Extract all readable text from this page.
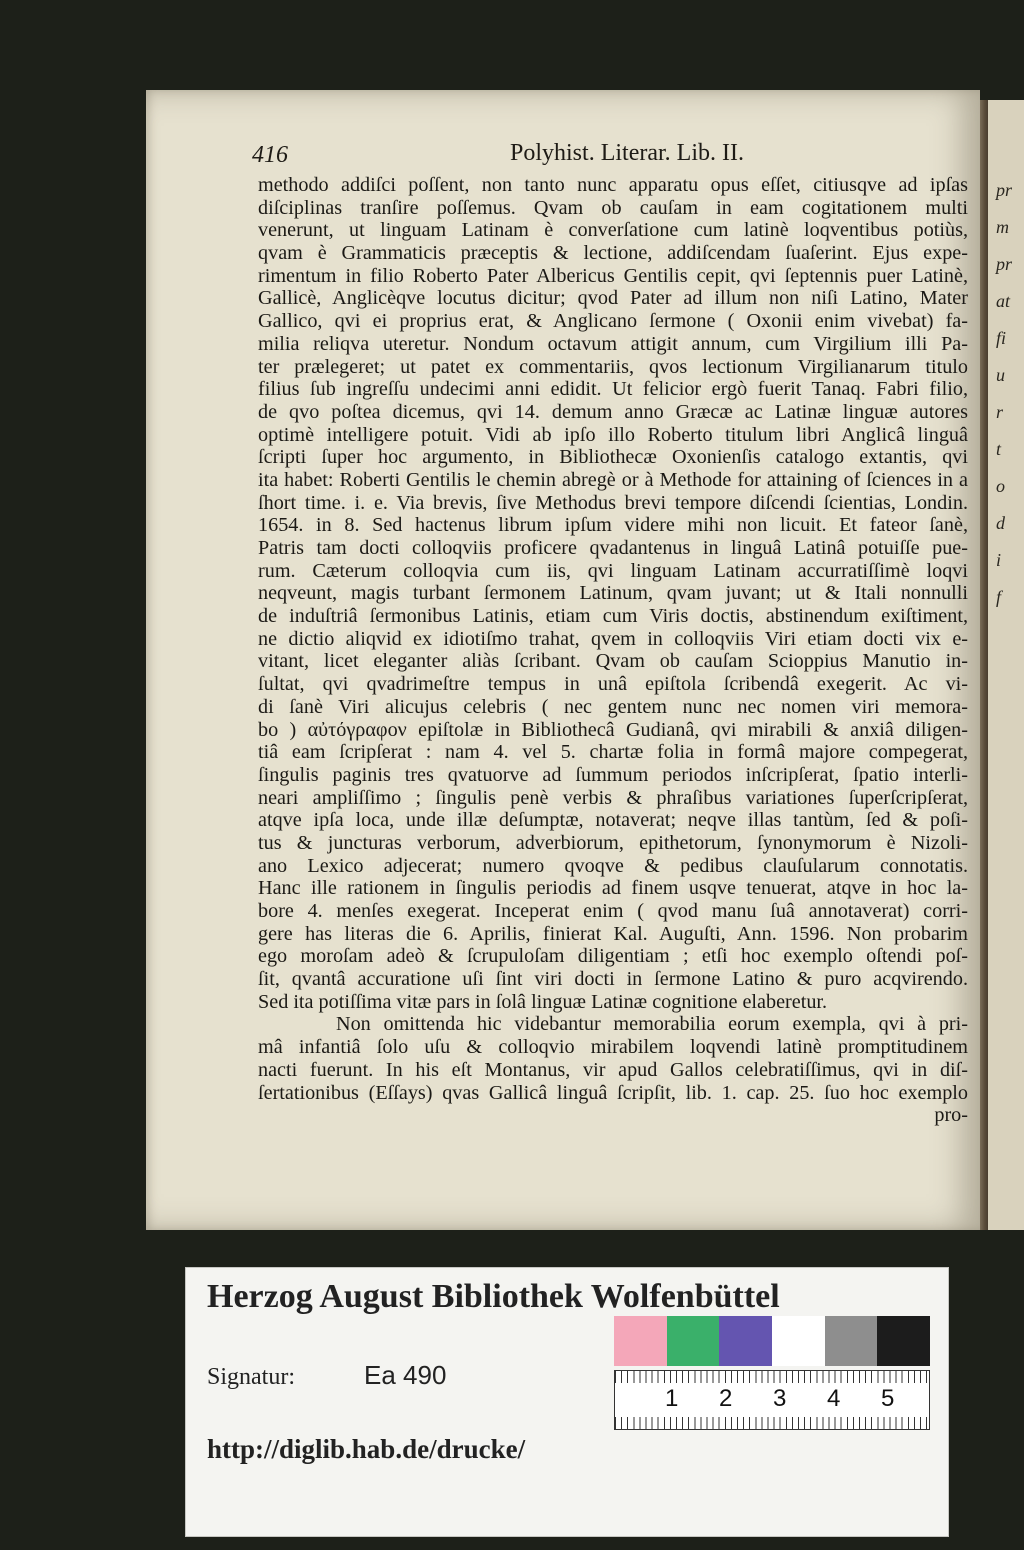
pr
m
pr
at
fi
u
r
t
o
d
i
f
416	Polyhist. Literar. Lib. II.
methodo addiſci poſſent, non tanto nunc apparatu opus eſſet, citiusqve ad ipſas
diſciplinas tranſire poſſemus. Qvam ob cauſam in eam cogitationem multi
venerunt, ut linguam Latinam è converſatione cum latinè loqventibus potiùs,
qvam è Grammaticis præceptis & lectione, addiſcendam ſuaſerint. Ejus expe-
rimentum in filio Roberto Pater Albericus Gentilis cepit, qvi ſeptennis puer Latinè,
Gallicè, Anglicèqve locutus dicitur; qvod Pater ad illum non niſi Latino, Mater
Gallico, qvi ei proprius erat, & Anglicano ſermone ( Oxonii enim vivebat) fa-
milia reliqva uteretur. Nondum octavum attigit annum, cum Virgilium illi Pa-
ter prælegeret; ut patet ex commentariis, qvos lectionum Virgilianarum titulo
filius ſub ingreſſu undecimi anni edidit. Ut felicior ergò fuerit Tanaq. Fabri filio,
de qvo poſtea dicemus, qvi 14. demum anno Græcæ ac Latinæ linguæ autores
optimè intelligere potuit. Vidi ab ipſo illo Roberto titulum libri Anglicâ linguâ
ſcripti ſuper hoc argumento, in Bibliothecæ Oxonienſis catalogo extantis, qvi
ita habet: Roberti Gentilis le chemin abregè or à Methode for attaining of ſciences in a
ſhort time. i. e. Via brevis, ſive Methodus brevi tempore diſcendi ſcientias, Londin.
1654. in 8. Sed hactenus librum ipſum videre mihi non licuit. Et fateor ſanè,
Patris tam docti colloqviis proficere qvadantenus in linguâ Latinâ potuiſſe pue-
rum. Cæterum colloqvia cum iis, qvi linguam Latinam accurratiſſimè loqvi
neqveunt, magis turbant ſermonem Latinum, qvam juvant; ut & Itali nonnulli
de induſtriâ ſermonibus Latinis, etiam cum Viris doctis, abstinendum exiſtiment,
ne dictio aliqvid ex idiotiſmo trahat, qvem in colloqviis Viri etiam docti vix e-
vitant, licet eleganter aliàs ſcribant. Qvam ob cauſam Scioppius Manutio in-
ſultat, qvi qvadrimeſtre tempus in unâ epiſtola ſcribendâ exegerit. Ac vi-
di ſanè Viri alicujus celebris ( nec gentem nunc nec nomen viri memora-
bo ) αὐτόγραφον epiſtolæ in Bibliothecâ Gudianâ, qvi mirabili & anxiâ diligen-
tiâ eam ſcripſerat : nam 4. vel 5. chartæ folia in formâ majore compegerat,
ſingulis paginis tres qvatuorve ad ſummum periodos inſcripſerat, ſpatio interli-
neari ampliſſimo ; ſingulis penè verbis & phraſibus variationes ſuperſcripſerat,
atqve ipſa loca, unde illæ deſumptæ, notaverat; neqve illas tantùm, ſed & poſi-
tus & juncturas verborum, adverbiorum, epithetorum, ſynonymorum è Nizoli-
ano Lexico adjecerat; numero qvoqve & pedibus clauſularum connotatis.
Hanc ille rationem in ſingulis periodis ad finem usqve tenuerat, atqve in hoc la-
bore 4. menſes exegerat. Inceperat enim ( qvod manu ſuâ annotaverat) corri-
gere has literas die 6. Aprilis, finierat Kal. Auguſti, Ann. 1596. Non probarim
ego moroſam adeò & ſcrupuloſam diligentiam ; etſi hoc exemplo oſtendi poſ-
ſit, qvantâ accuratione uſi ſint viri docti in ſermone Latino & puro acqvirendo.
Sed ita potiſſima vitæ pars in ſolâ linguæ Latinæ cognitione elaberetur.
Non omittenda hic videbantur memorabilia eorum exempla, qvi à pri-
mâ infantiâ ſolo uſu & colloqvio mirabilem loqvendi latinè promptitudinem
nacti fuerunt. In his eſt Montanus, vir apud Gallos celebratiſſimus, qvi in diſ-
ſertationibus (Eſſays) qvas Gallicâ linguâ ſcripſit, lib. 1. cap. 25. ſuo hoc exemplo
pro-
Herzog August Bibliothek Wolfenbüttel
1 2 3 4 5
Signatur:	Ea 490
http://diglib.hab.de/drucke/
